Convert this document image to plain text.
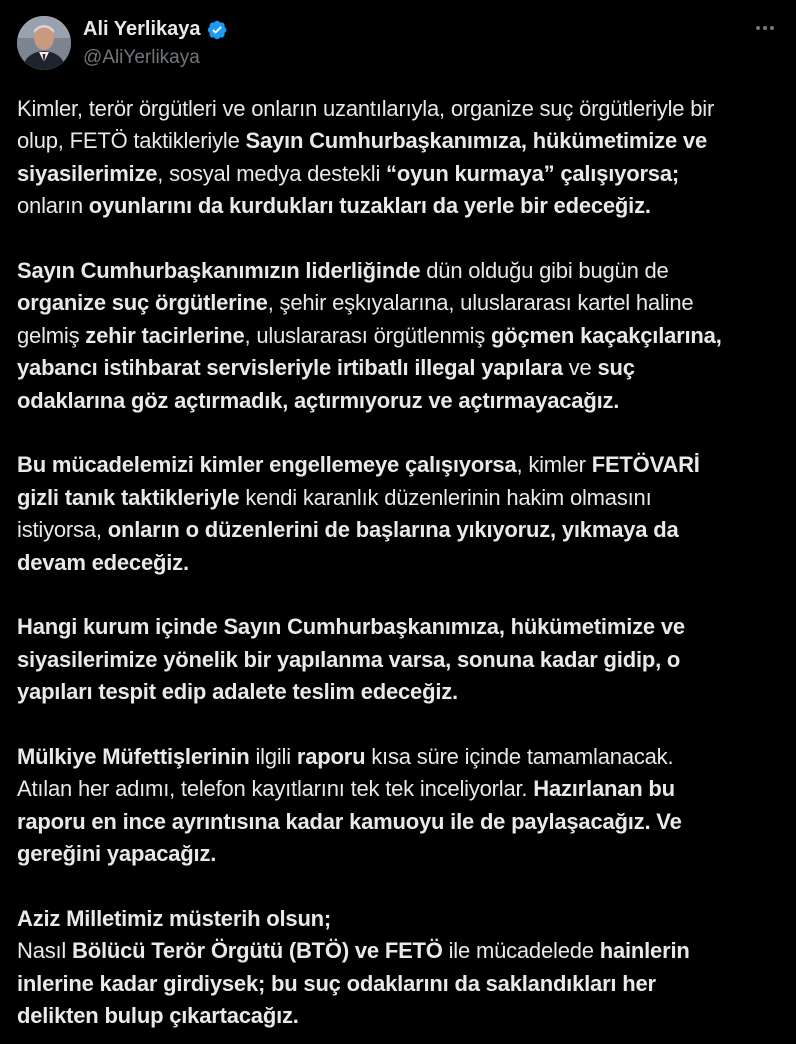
Ali Yerlikaya
@AliYerlikaya
Kimler, terör örgütleri ve onların uzantılarıyla, organize suç örgütleriyle bir
olup, FETÖ taktikleriyle Sayın Cumhurbaşkanımıza, hükümetimize ve
siyasilerimize, sosyal medya destekli “oyun kurmaya” çalışıyorsa;
onların oyunlarını da kurdukları tuzakları da yerle bir edeceğiz.
Sayın Cumhurbaşkanımızın liderliğinde dün olduğu gibi bugün de
organize suç örgütlerine, şehir eşkıyalarına, uluslararası kartel haline
gelmiş zehir tacirlerine, uluslararası örgütlenmiş göçmen kaçakçılarına,
yabancı istihbarat servisleriyle irtibatlı illegal yapılara ve suç
odaklarına göz açtırmadık, açtırmıyoruz ve açtırmayacağız.
Bu mücadelemizi kimler engellemeye çalışıyorsa, kimler FETÖVARİ
gizli tanık taktikleriyle kendi karanlık düzenlerinin hakim olmasını
istiyorsa, onların o düzenlerini de başlarına yıkıyoruz, yıkmaya da
devam edeceğiz.
Hangi kurum içinde Sayın Cumhurbaşkanımıza, hükümetimize ve
siyasilerimize yönelik bir yapılanma varsa, sonuna kadar gidip, o
yapıları tespit edip adalete teslim edeceğiz.
Mülkiye Müfettişlerinin ilgili raporu kısa süre içinde tamamlanacak.
Atılan her adımı, telefon kayıtlarını tek tek inceliyorlar. Hazırlanan bu
raporu en ince ayrıntısına kadar kamuoyu ile de paylaşacağız. Ve
gereğini yapacağız.
Aziz Milletimiz müsterih olsun;
Nasıl Bölücü Terör Örgütü (BTÖ) ve FETÖ ile mücadelede hainlerin
inlerine kadar girdiysek; bu suç odaklarını da saklandıkları her
delikten bulup çıkartacağız.
